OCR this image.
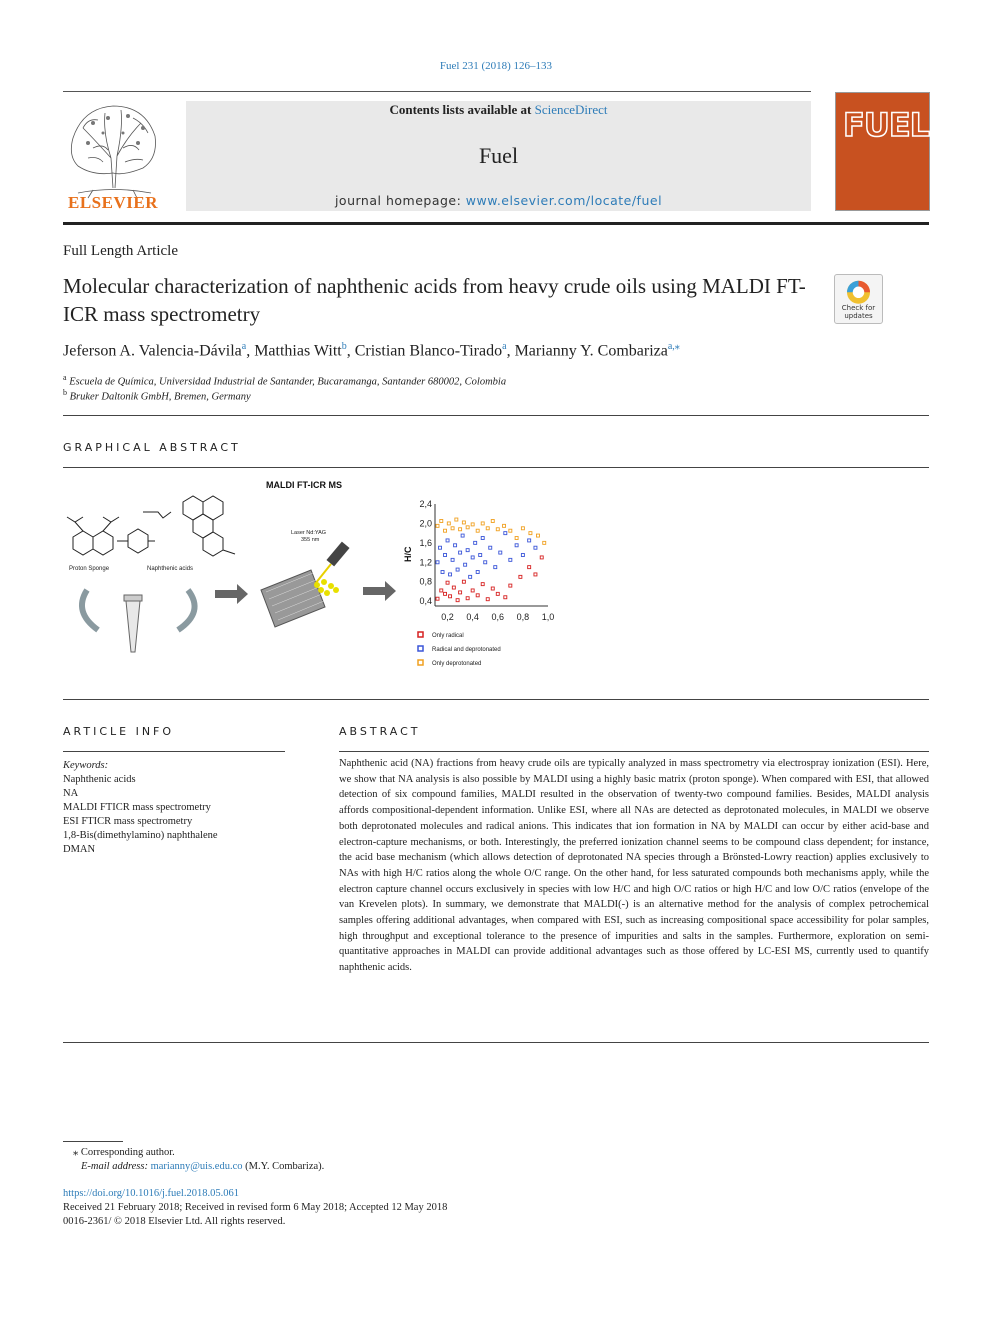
Fuel 231 (2018) 126–133
Contents lists available at ScienceDirect
Fuel
journal homepage: www.elsevier.com/locate/fuel
ELSEVIER
FUEL
Full Length Article
Molecular characterization of naphthenic acids from heavy crude oils using MALDI FT-ICR mass spectrometry	Check for updates
Jeferson A. Valencia-Dávila$^a$, Matthias Witt$^b$, Cristian Blanco-Tirado$^a$, Marianny Y. Combariza$^{a,⁎}$
$^a$ Escuela de Química, Universidad Industrial de Santander, Bucaramanga, Santander 680002, Colombia
$^b$ Bruker Daltonik GmbH, Bremen, Germany
GRAPHICAL ABSTRACT
MALDI FT-ICR MS
Proton Sponge	Naphthenic acids
Laser Nd:YAG
355 nm
H/C
0,4
0,8
1,2
1,6
2,0
2,4
0,2 0,4 0,6 0,8 1,0
Only radical
Radical and deprotonated
Only deprotonated
ARTICLE INFO
Keywords:
Naphthenic acids
NA
MALDI FTICR mass spectrometry
ESI FTICR mass spectrometry
1,8-Bis(dimethylamino) naphthalene
DMAN
ABSTRACT
Naphthenic acid (NA) fractions from heavy crude oils are typically analyzed in mass spectrometry via electrospray ionization (ESI). Here, we show that NA analysis is also possible by MALDI using a highly basic matrix (proton sponge). When compared with ESI, that allowed detection of six compound families, MALDI resulted in the observation of twenty-two compound families. Besides, MALDI analysis affords compositional-dependent information. Unlike ESI, where all NAs are detected as deprotonated molecules, in MALDI we observe both deprotonated molecules and radical anions. This indicates that ion formation in NA by MALDI can occur by either acid-base and electron-capture mechanisms, or both. Interestingly, the preferred ionization channel seems to be compound class dependent; for instance, the acid base mechanism (which allows detection of deprotonated NA species through a Brönsted-Lowry reaction) applies exclusively to NAs with high H/C ratios along the whole O/C range. On the other hand, for less saturated compounds both mechanisms apply, while the electron capture channel occurs exclusively in species with low H/C and high O/C ratios or high H/C and low O/C ratios (envelope of the van Krevelen plots). In summary, we demonstrate that MALDI(-) is an alternative method for the analysis of complex petrochemical samples offering additional advantages, when compared with ESI, such as increasing compositional space accessibility for polar samples, high throughput and exceptional tolerance to the presence of impurities and salts in the samples. Furthermore, exploration on semi-quantitative approaches in MALDI can provide additional advantages such as those offered by LC-ESI MS, currently used to quantify naphthenic acids.
⁎ Corresponding author.
E-mail address: marianny@uis.edu.co (M.Y. Combariza).
https://doi.org/10.1016/j.fuel.2018.05.061
Received 21 February 2018; Received in revised form 6 May 2018; Accepted 12 May 2018
0016-2361/ © 2018 Elsevier Ltd. All rights reserved.
